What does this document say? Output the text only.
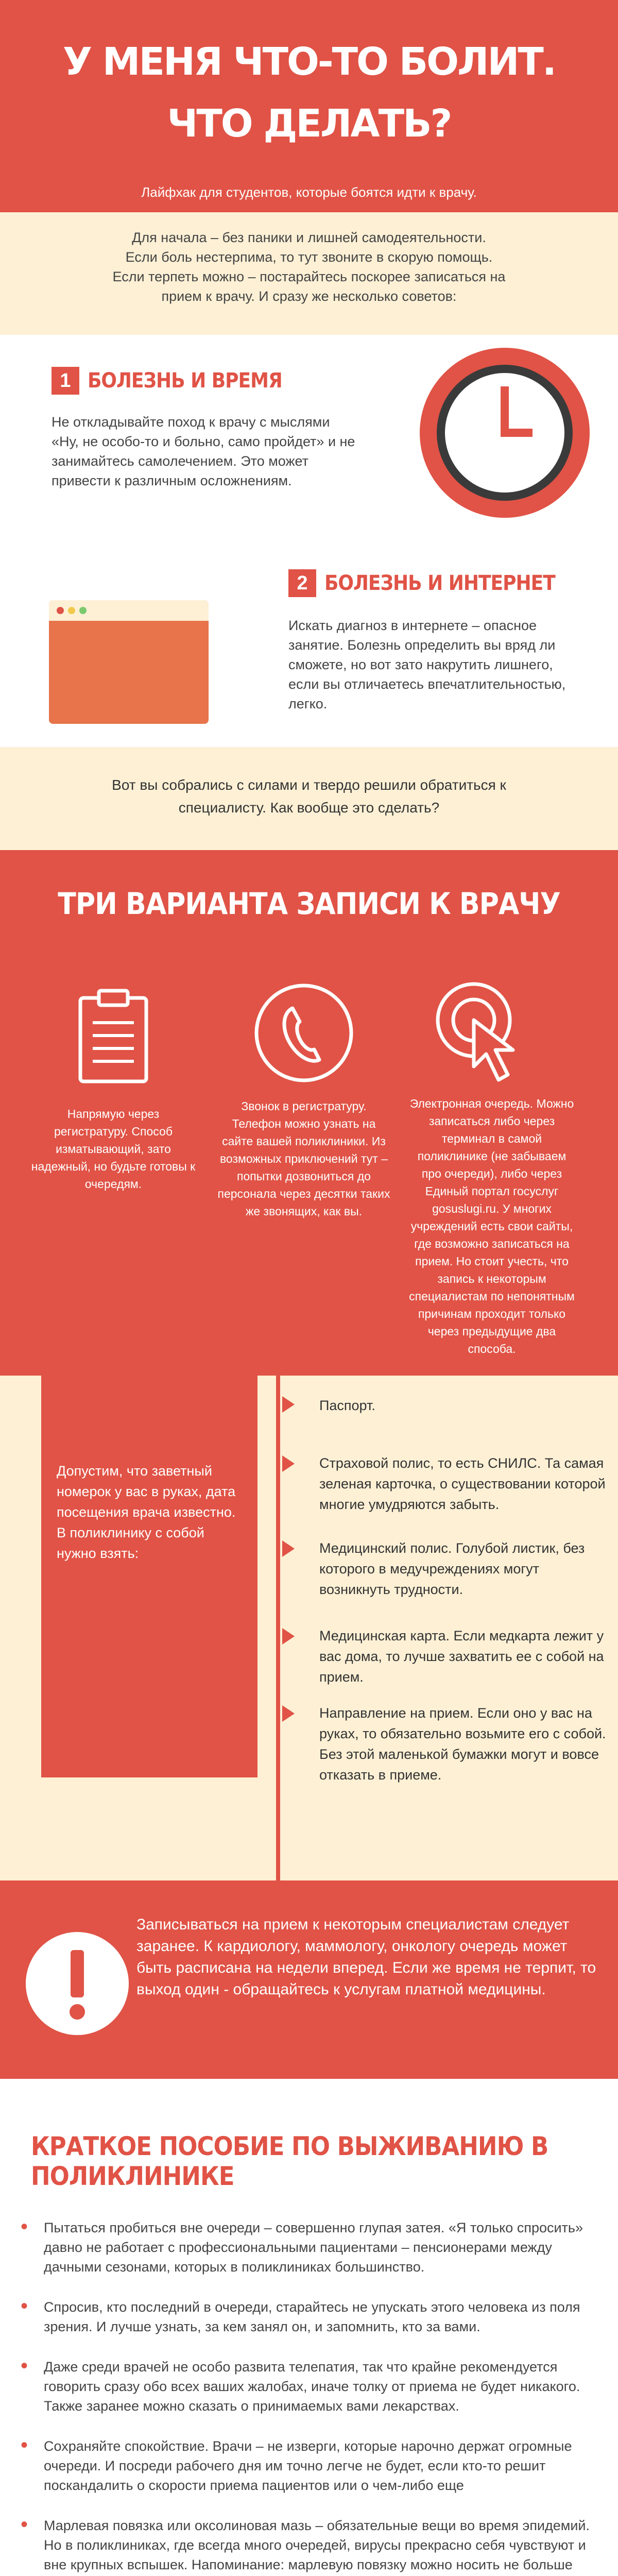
У МЕНЯ ЧТО-ТО БОЛИТ.
ЧТО ДЕЛАТЬ?

Лайфхак для студентов, которые боятся идти к врачу.

Для начала – без паники и лишней самодеятельности.
Если боль нестерпима, то тут звоните в скорую помощь.
Если терпеть можно – постарайтесь поскорее записаться на
прием к врачу. И сразу же несколько советов:
1 БОЛЕЗНЬ И ВРЕМЯ

Не откладывайте поход к врачу с мыслями «Ну, не особо-то и больно, само пройдет» и не занимайтесь самолечением. Это может привести к различным осложнениям.

2 БОЛЕЗНЬ И ИНТЕРНЕТ

Искать диагноз в интернете – опасное занятие. Болезнь определить вы вряд ли сможете, но вот зато накрутить лишнего, если вы отличаетесь впечатлительностью, легко.

Вот вы собрались с силами и твердо решили обратиться к
специалисту. Как вообще это сделать?
ТРИ ВАРИАНТА ЗАПИСИ К ВРАЧУ

Напрямую через регистратуру. Способ изматывающий, зато надежный, но будьте готовы к очередям.

Звонок в регистратуру. Телефон можно узнать на сайте вашей поликлиники. Из возможных приключений тут – попытки дозвониться до персонала через десятки таких же звонящих, как вы.

Электронная очередь. Можно записаться либо через терминал в самой поликлинике (не забываем про очереди), либо через Единый портал госуслуг gosuslugi.ru. У многих учреждений есть свои сайты, где возможно записаться на прием. Но стоит учесть, что запись к некоторым специалистам по непонятным причинам проходит только через предыдущие два способа.

Допустим, что заветный номерок у вас в руках, дата посещения врача известно. В поликлинику с собой нужно взять:

Паспорт.

Страховой полис, то есть СНИЛС. Та самая зеленая карточка, о существовании которой многие умудряются забыть.

Медицинский полис. Голубой листик, без которого в медучреждениях могут возникнуть трудности.

Медицинская карта. Если медкарта лежит у вас дома, то лучше захватить ее с собой на прием.

Направление на прием. Если оно у вас на руках, то обязательно возьмите его с собой. Без этой маленькой бумажки могут и вовсе отказать в приеме.

Записываться на прием к некоторым специалистам следует заранее. К кардиологу, маммологу, онкологу очередь может быть расписана на недели вперед. Если же время не терпит, то выход один - обращайтесь к услугам платной медицины.

КРАТКОЕ ПОСОБИЕ ПО ВЫЖИВАНИЮ В ПОЛИКЛИНИКЕ
• Пытаться пробиться вне очереди – совершенно глупая затея. «Я только спросить» давно не работает с профессиональными пациентами – пенсионерами между дачными сезонами, которых в поликлиниках большинство.
• Спросив, кто последний в очереди, старайтесь не упускать этого человека из поля зрения. И лучше узнать, за кем занял он, и запомнить, кто за вами.
• Даже среди врачей не особо развита телепатия, так что крайне рекомендуется говорить сразу обо всех ваших жалобах, иначе толку от приема не будет никакого. Также заранее можно сказать о принимаемых вами лекарствах.
• Сохраняйте спокойствие. Врачи – не изверги, которые нарочно держат огромные очереди. И посреди рабочего дня им точно легче не будет, если кто-то решит поскандалить о скорости приема пациентов или о чем-либо еще
• Марлевая повязка или оксолиновая мазь – обязательные вещи во время эпидемий. Но в поликлиниках, где всегда много очередей, вирусы прекрасно себя чувствуют и вне крупных вспышек. Напоминание: марлевую повязку можно носить не больше
